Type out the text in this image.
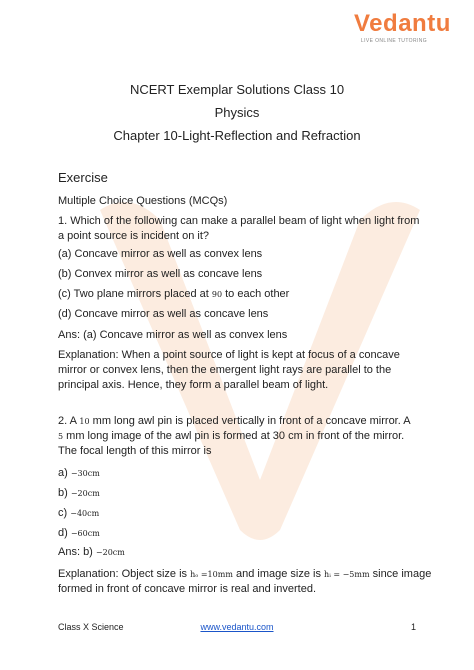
Vedantu
LIVE ONLINE TUTORING
NCERT Exemplar Solutions Class 10
Physics
Chapter 10-Light-Reflection and Refraction
Exercise
Multiple Choice Questions (MCQs)
1. Which of the following can make a parallel beam of light when light from a point source is incident on it?
(a) Concave mirror as well as convex lens
(b) Convex mirror as well as concave lens
(c) Two plane mirrors placed at 90 to each other
(d) Concave mirror as well as concave lens
Ans: (a) Concave mirror as well as convex lens
Explanation: When a point source of light is kept at focus of a concave mirror or convex lens, then the emergent light rays are parallel to the principal axis. Hence, they form a parallel beam of light.
2. A 10 mm long awl pin is placed vertically in front of a concave mirror. A
5 mm long image of the awl pin is formed at 30 cm in front of the mirror.
The focal length of this mirror is
a) −30cm
b) −20cm
c) −40cm
d) −60cm
Ans: b) −20cm
Explanation: Object size is hₒ =10mm and image size is hᵢ = −5mm since image
formed in front of concave mirror is real and inverted.
Class X Science	www.vedantu.com	1
